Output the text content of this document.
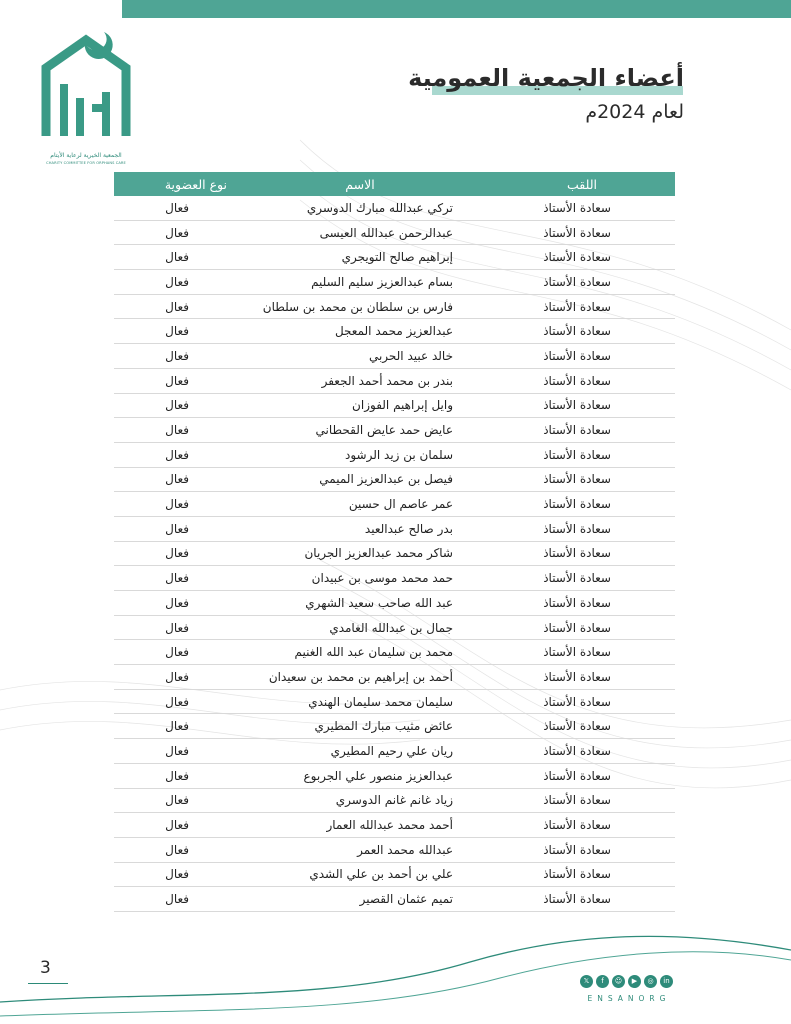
الجمعية الخيرية لرعاية الأيتام
CHARITY COMMITTEE FOR ORPHANS CARE
أعضاء الجمعية العمومية
لعام 2024م
اللقب	الاسم	نوع العضوية
سعادة الأستاذ	تركي عبدالله مبارك الدوسري	فعال
سعادة الأستاذ	عبدالرحمن عبدالله العيسى	فعال
سعادة الأستاذ	إبراهيم صالح التويجري	فعال
سعادة الأستاذ	بسام عبدالعزيز سليم السليم	فعال
سعادة الأستاذ	فارس بن سلطان بن محمد بن سلطان	فعال
سعادة الأستاذ	عبدالعزيز محمد المعجل	فعال
سعادة الأستاذ	خالد عبيد الحربي	فعال
سعادة الأستاذ	بندر بن محمد أحمد الجعفر	فعال
سعادة الأستاذ	وايل إبراهيم الفوزان	فعال
سعادة الأستاذ	عايض حمد عايض القحطاني	فعال
سعادة الأستاذ	سلمان بن زيد الرشود	فعال
سعادة الأستاذ	فيصل بن عبدالعزيز الميمي	فعال
سعادة الأستاذ	عمر عاصم ال حسين	فعال
سعادة الأستاذ	بدر صالح عبدالعيد	فعال
سعادة الأستاذ	شاكر محمد عبدالعزيز الجريان	فعال
سعادة الأستاذ	حمد محمد موسى بن عبيدان	فعال
سعادة الأستاذ	عبد الله صاحب سعيد الشهري	فعال
سعادة الأستاذ	جمال بن عبدالله الغامدي	فعال
سعادة الأستاذ	محمد بن سليمان عبد الله الغنيم	فعال
سعادة الأستاذ	أحمد بن إبراهيم بن محمد بن سعيدان	فعال
سعادة الأستاذ	سليمان محمد سليمان الهندي	فعال
سعادة الأستاذ	عائض مثيب مبارك المطيري	فعال
سعادة الأستاذ	ريان علي رحيم المطيري	فعال
سعادة الأستاذ	عبدالعزيز منصور علي الجربوع	فعال
سعادة الأستاذ	زياد غانم غانم الدوسري	فعال
سعادة الأستاذ	أحمد محمد عبدالله العمار	فعال
سعادة الأستاذ	عبدالله محمد العمر	فعال
سعادة الأستاذ	علي بن أحمد بن علي الشدي	فعال
سعادة الأستاذ	تميم عثمان القصير	فعال
3
𝕏	f	☺	▶	◎	in
ENSANORG
